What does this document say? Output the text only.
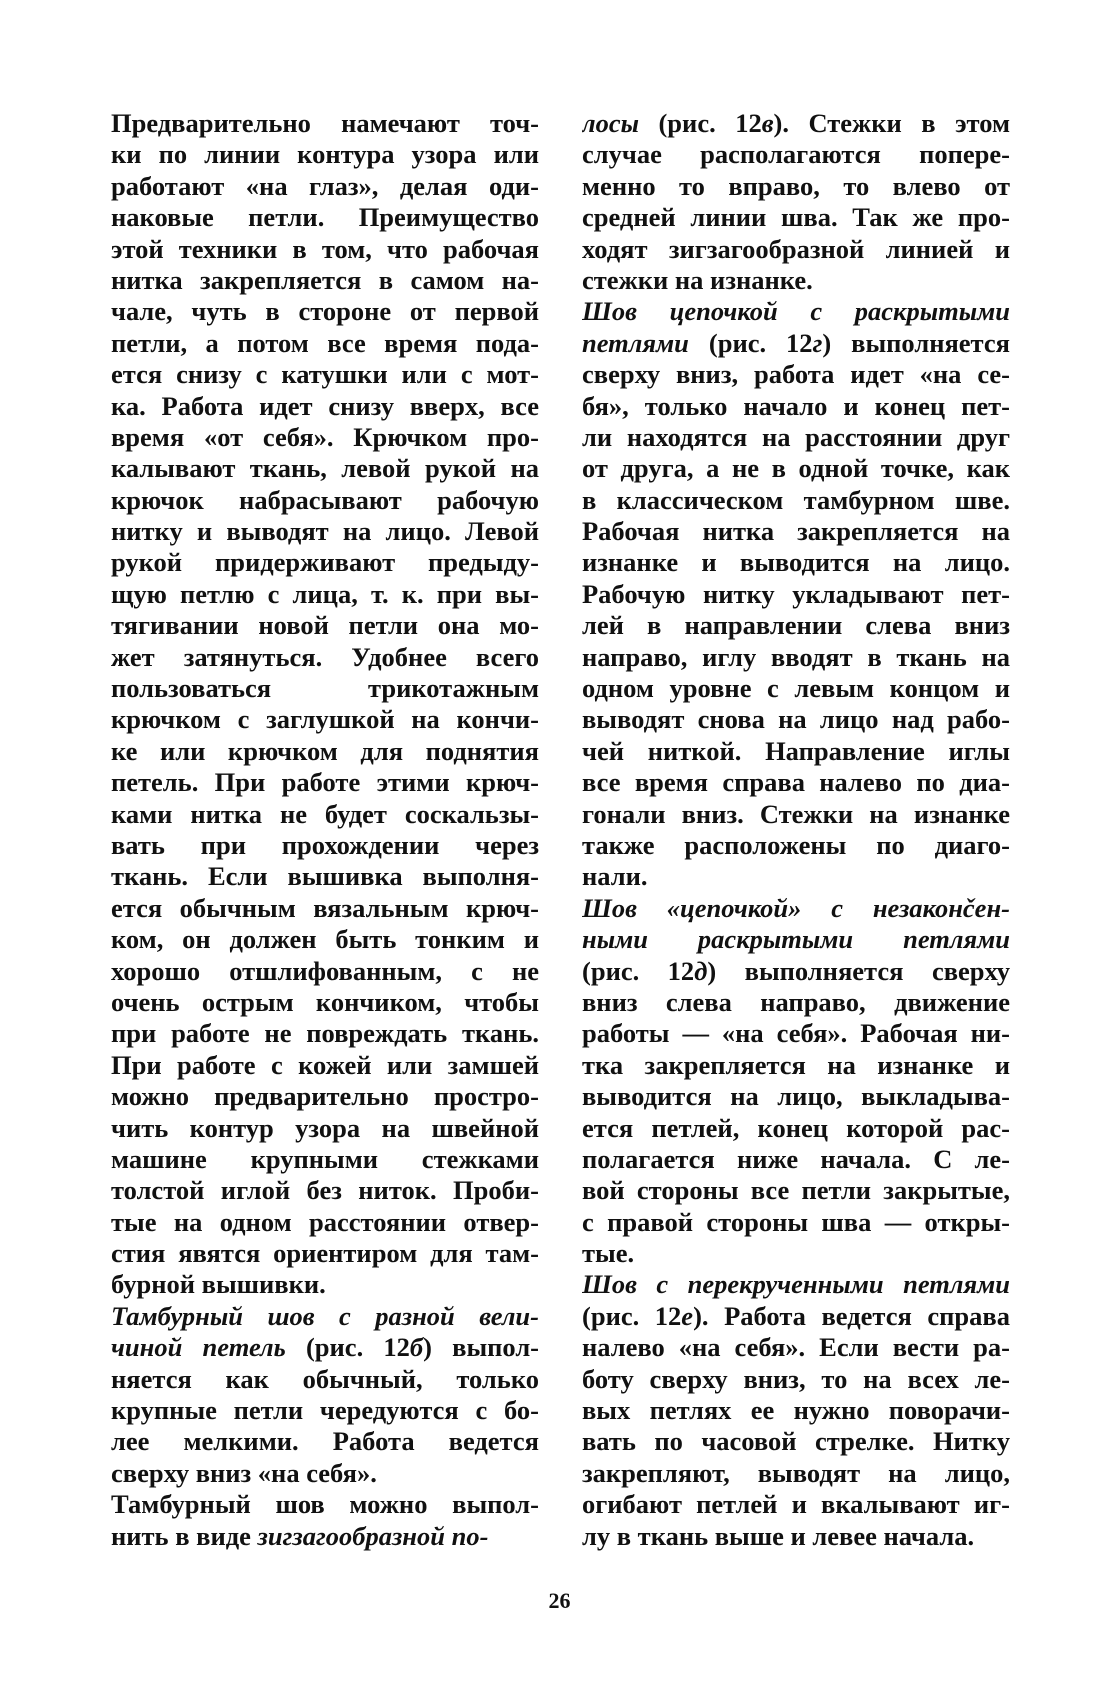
Предварительно намечают точ-
ки по линии контура узора или
работают «на глаз», делая оди-
наковые петли. Преимущество
этой техники в том, что рабочая
нитка закрепляется в самом на-
чале, чуть в стороне от первой
петли, а потом все время пода-
ется снизу с катушки или с мот-
ка. Работа идет снизу вверх, все
время «от себя». Крючком про-
калывают ткань, левой рукой на
крючок набрасывают рабочую
нитку и выводят на лицо. Левой
рукой придерживают предыду-
щую петлю с лица, т. к. при вы-
тягивании новой петли она мо-
жет затянуться. Удобнее всего
пользоваться трикотажным
крючком с заглушкой на кончи-
ке или крючком для поднятия
петель. При работе этими крюч-
ками нитка не будет соскальзы-
вать при прохождении через
ткань. Если вышивка выполня-
ется обычным вязальным крюч-
ком, он должен быть тонким и
хорошо отшлифованным, с не
очень острым кончиком, чтобы
при работе не повреждать ткань.
При работе с кожей или замшей
можно предварительно простро-
чить контур узора на швейной
машине крупными стежками
толстой иглой без ниток. Проби-
тые на одном расстоянии отвер-
стия явятся ориентиром для там-
бурной вышивки.
Тамбурный шов с разной вели-
чиной петель (рис. 12б) выпол-
няется как обычный, только
крупные петли чередуются с бо-
лее мелкими. Работа ведется
сверху вниз «на себя».
Тамбурный шов можно выпол-
нить в виде зигзагообразной по-
лосы (рис. 12в). Стежки в этом
случае располагаются попере-
менно то вправо, то влево от
средней линии шва. Так же про-
ходят зигзагообразной линией и
стежки на изнанке.
Шов цепочкой с раскрытыми
петлями (рис. 12г) выполняется
сверху вниз, работа идет «на се-
бя», только начало и конец пет-
ли находятся на расстоянии друг
от друга, а не в одной точке, как
в классическом тамбурном шве.
Рабочая нитка закрепляется на
изнанке и выводится на лицо.
Рабочую нитку укладывают пет-
лей в направлении слева вниз
направо, иглу вводят в ткань на
одном уровне с левым концом и
выводят снова на лицо над рабо-
чей ниткой. Направление иглы
все время справа налево по диа-
гонали вниз. Стежки на изнанке
также расположены по диаго-
нали.
Шов «цепочкой» с незаконčен-
ными раскрытыми петлями
(рис. 12д) выполняется сверху
вниз слева направо, движение
работы — «на себя». Рабочая ни-
тка закрепляется на изнанке и
выводится на лицо, выкладыва-
ется петлей, конец которой рас-
полагается ниже начала. С ле-
вой стороны все петли закрытые,
с правой стороны шва — откры-
тые.
Шов с перекрученными петлями
(рис. 12е). Работа ведется справа
налево «на себя». Если вести ра-
боту сверху вниз, то на всех ле-
вых петлях ее нужно поворачи-
вать по часовой стрелке. Нитку
закрепляют, выводят на лицо,
огибают петлей и вкалывают иг-
лу в ткань выше и левее начала.
26
